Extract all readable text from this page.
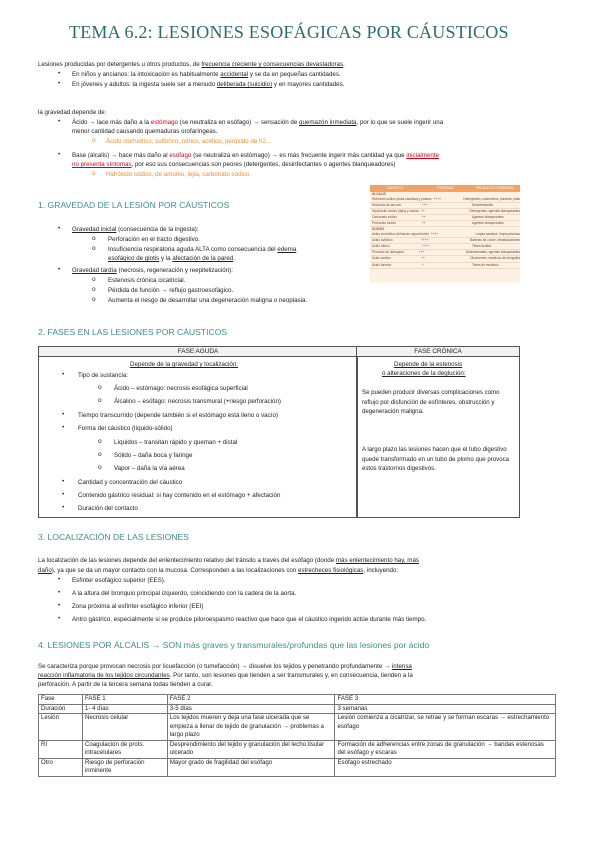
TEMA 6.2: LESIONES ESOFÁGICAS POR CÁUSTICOS
Lesiones producidas por detergentes u otros productos, de frecuencia creciente y consecuencias devastadoras.
• En niños y ancianos: la intoxicación es habitualmente accidental y se da en pequeñas cantidades.
• En jóvenes y adultos: la ingesta suele ser a menudo deliberada (suicidio) y en mayores cantidades.
la gravedad depende de:
• Ácido → lace más daño a la estómago (se neutraliza en esófago) → sensación de quemazón inmediata, por lo que se suele ingerir una
menor cantidad causando quemaduras orofaríngeas.
o Ácido clorhídrico, sulfúrico, nítrico, acético, peróxido de h2…
• Base (álcalis) → hace más daño al esófago (se neutraliza en estómago) → es más frecuente ingerir más cantidad ya que inicialmente
no presenta síntomas, por eso sus consecuencias son peores (detergentes, desinfectantes o agentes blanqueadores)
o Hidróxido sódico, de amonio, lejía, carbonato sódico
1. GRAVEDAD DE LA LESIÓN POR CÁUSTICOS
• Gravedad inicial (consecuencia de la ingesta):
o Perforación en el tracto digestivo.
o Insuficiencia respiratoria aguda ALTA como consecuencia del edema
esofágico de glotis y la afectación de la pared.
• Gravedad tardía (necrosis, regeneración y reepitelización):
o Estenosis crónica cicatricial.
o Pérdida de función → reflujo gastroesofágico.
o Aumenta el riesgo de desarrollar una degeneración maligna o neoplasia.
CÁUSTICO	TOXICIDAD	PRODUCTO COMERCIAL
ÁLCALIS
Hidróxido sódico (sosa cáustica) y potasio ++++	Detergentes, cosméticos, piscinas, pilas
Hidróxido de amonio	+++	Desinfectantes
Hipoclorito sódico (lejía) y cálcico ++	Detergentes, agentes blanqueantes
Carbonato sódico	++	Agentes blanqueantes
Perborato sódico	++	Agentes blanqueantes
ÁCIDOS
Ácido clorhídrico (fulfumán, agua fuerte) ++++	Limpia azulejos, limpia piscinas
Ácido sulfúrico	++++	Baterías de coche, desatascadores
Ácido nítrico	++++	Tintes textiles
Peróxido de hidrógeno	+++	Desinfectantes, agentes blanqueantes
Ácido acético	++	Disolventes, reactivos de fotografía
Ácido fórmico	+	Tintes de escritorio
2. FASES EN LAS LESIONES POR CÁUSTICOS
FASE AGUDA	FASE CRÓNICA
Depende de la gravedad y localización:
• Tipo de sustancia:
o Ácido – estómago: necrosis esofágica superficial
o Álcalino – esófago: necrosis transmural (+riesgo perforación)
• Tiempo transcurrido (depende también si el estómago está lleno o vacío)
• Forma del cáustico (líquido-sólido)
o Líquidos – transitan rápido y queman + distal
o Sólido – daña boca y faringe
o Vapor – daña la vía aérea
• Cantidad y concentración del cáustico
• Contenido gástrico residual: si hay contenido en el estómago + afectación
• Duración del contacto
Depende de la estenosis
o alteraciones de la deglución:
Se pueden producir diversas complicaciones como reflujo por disfunción de esfínteres, obstrucción y degeneración maligna.
A largo plazo las lesiones hacen que el tubo digestivo quede transformado en un tubo de plomo que provoca estos trastornos digestivos.
3. LOCALIZACIÓN DE LAS LESIONES
La localización de las lesiones depende del enlentecimiento relativo del tránsito a través del esófago (donde más enlentecimiento hay, más
daño), ya que se da un mayor contacto con la mucosa. Corresponden a las localizaciones con estrecheces fisiológicas, incluyendo:
• Esfínter esofágico superior (EES).
• A la altura del bronquio principal izquierdo, coincidiendo con la cadera de la aorta.
• Zona próxima al esfínter esofágico inferior (EEI)
• Antro gástrico, especialmente si se produce piloroespasmo reactivo que hace que el cáustico ingerido actúe durante más tiempo.
4. LESIONES POR ÁLCALIS → SON más graves y transmurales/profundas que las lesiones por ácido
Se caracteriza porque provocan necrosis por licuefacción (o tumefacción) → disuelve los tejidos y penetrando profundamente → intensa
reacción inflamatoria de los tejidos circundantes. Por tanto, son lesiones que tienden a ser transmurales y, en consecuencia, tienden a la
perforación. A partir de la tercera semana todas tienden a curar.
Fase	FASE 1	FASE 2	FASE 3
Duración	1- 4 días	3-5 días	3 semanas
Lesión	Necrosis celular	Los tejidos mueren y deja una fase ulcerada que se empieza a llenar de tejido de granulación → problemas a largo plazo	Lesión comienza a cicatrizar, se retrae y se forman escaras → estrechamiento esófago
RI	Coagulación de prots. intracelulares	Desprendimiento del tejido y granulación del lecho tisular ulcerado	Formación de adherencias entre zonas de granulación → bandas estenosas del esófago y escaras
Otro	Riesgo de perforación inminente	Mayor grado de fragilidad del esófago	Esófago estrechado
